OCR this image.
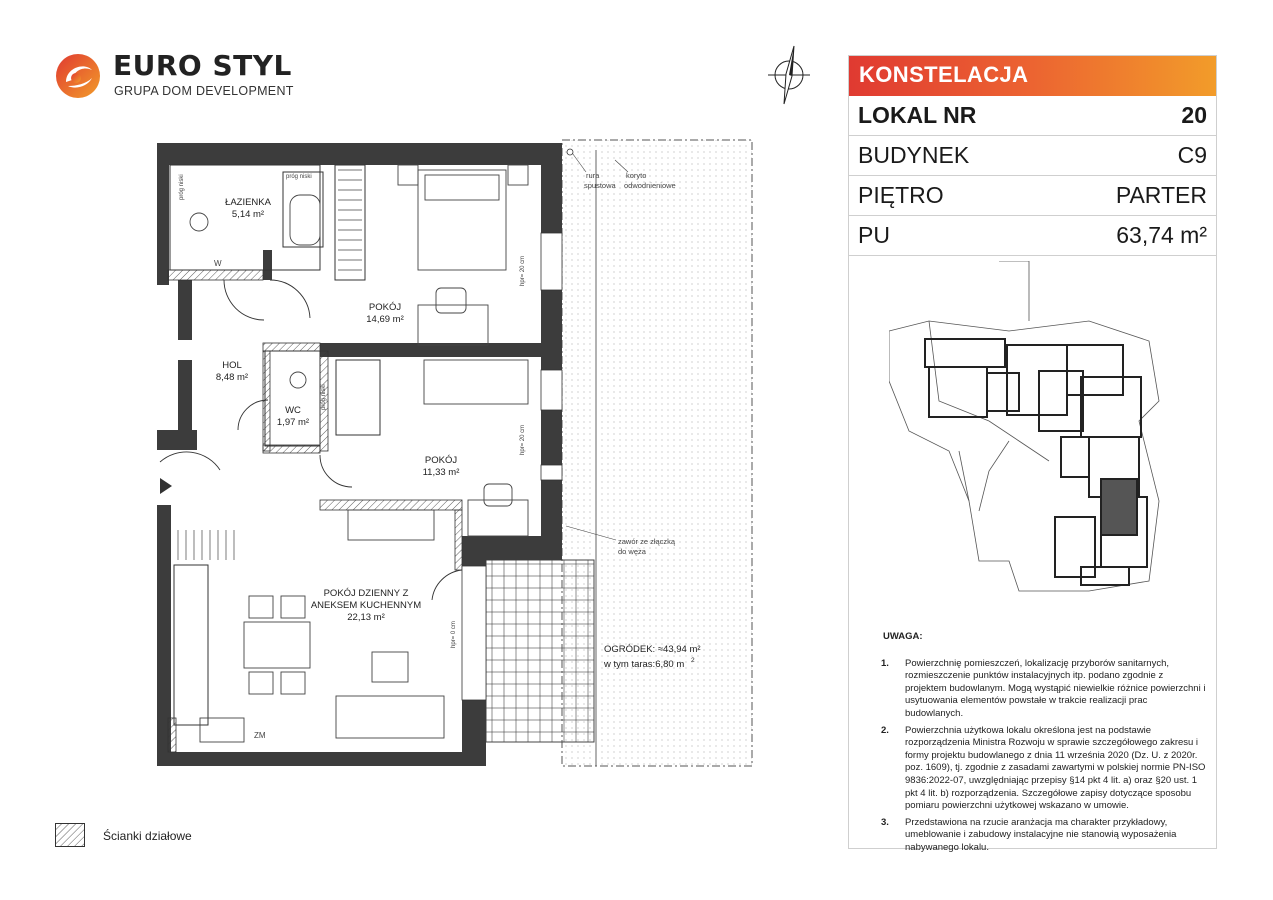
EURO STYL
GRUPA DOM DEVELOPMENT
ŁAZIENKA
5,14 m²
POKÓJ
14,69 m²
HOL
8,48 m²
WC
1,97 m²
POKÓJ
11,33 m²
POKÓJ DZIENNY Z
ANEKSEM KUCHENNYM
22,13 m²
OGRÓDEK: ≈43,94 m²
w tym taras:6,80 m 2
rura
spustowa
koryto
odwodnieniowe
zawór ze złączką
do węża
próg niski
hpr= 20 cm
hpr= 20 cm
hpr= 0 cm
próg niski
próg niski
ZM
W
Ścianki działowe
KONSTELACJA
LOKAL NR	20
BUDYNEK	C9
PIĘTRO	PARTER
PU	63,74 m²
UWAGA:
1.	Powierzchnię pomieszczeń, lokalizację przyborów sanitarnych, rozmieszczenie punktów instalacyjnych itp. podano zgodnie z projektem budowlanym. Mogą wystąpić niewielkie różnice powierzchni i usytuowania elementów powstałe w trakcie realizacji prac budowlanych.
2.	Powierzchnia użytkowa lokalu określona jest na podstawie rozporządzenia Ministra Rozwoju w sprawie szczegółowego zakresu i formy projektu budowlanego z dnia 11 września 2020 (Dz. U. z 2020r. poz. 1609), tj. zgodnie z zasadami zawartymi w polskiej normie PN-ISO 9836:2022-07, uwzględniając przepisy §14 pkt 4 lit. a) oraz §20 ust. 1 pkt 4 lit. b) rozporządzenia. Szczegółowe zapisy dotyczące sposobu pomiaru powierzchni użytkowej wskazano w umowie.
3.	Przedstawiona na rzucie aranżacja ma charakter przykładowy, umeblowanie i zabudowy instalacyjne nie stanowią wyposażenia nabywanego lokalu.
